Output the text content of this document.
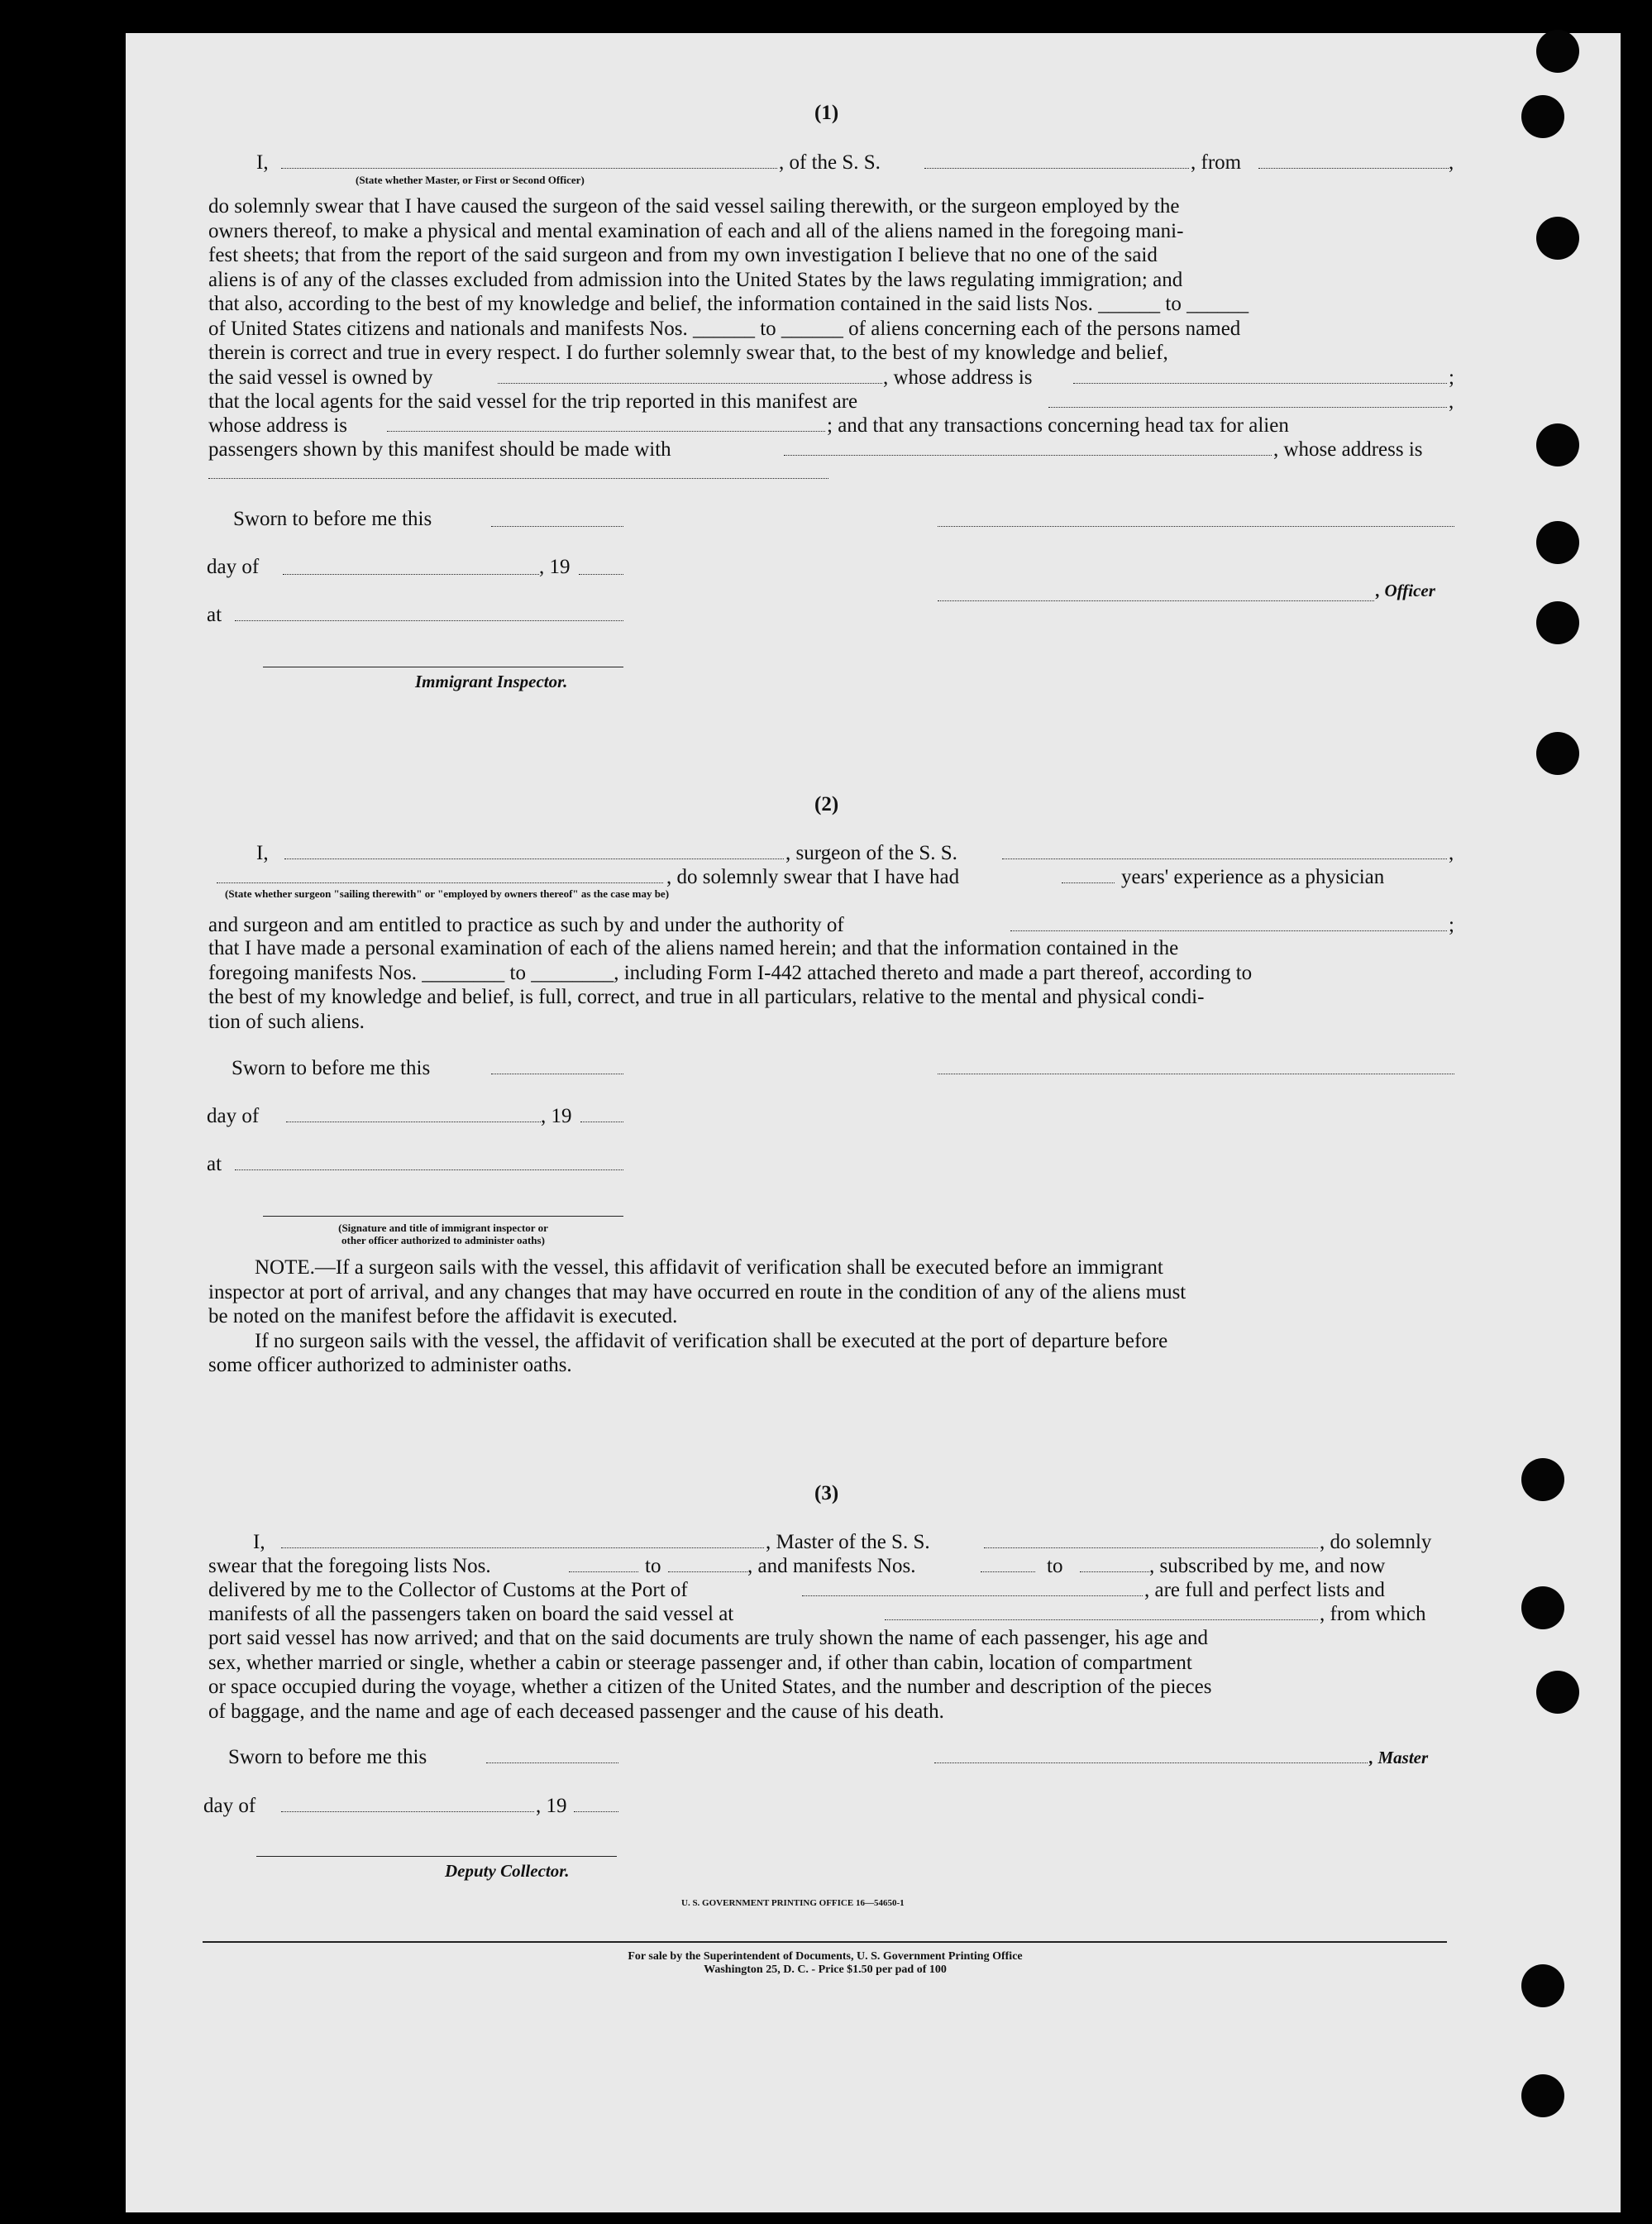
(1)
I,	, of the S. S.	, from	,
(State whether Master, or First or Second Officer)
do solemnly swear that I have caused the surgeon of the said vessel sailing therewith, or the surgeon employed by the
owners thereof, to make a physical and mental examination of each and all of the aliens named in the foregoing mani-
fest sheets; that from the report of the said surgeon and from my own investigation I believe that no one of the said
aliens is of any of the classes excluded from admission into the United States by the laws regulating immigration; and
that also, according to the best of my knowledge and belief, the information contained in the said lists Nos. ______ to ______
of United States citizens and nationals and manifests Nos. ______ to ______ of aliens concerning each of the persons named
therein is correct and true in every respect. I do further solemnly swear that, to the best of my knowledge and belief,
the said vessel is owned by	, whose address is	;
that the local agents for the said vessel for the trip reported in this manifest are	,
whose address is	; and that any transactions concerning head tax for alien
passengers shown by this manifest should be made with	, whose address is
Sworn to before me this
day of	, 19
, Officer
at
Immigrant Inspector.
(2)
I,	, surgeon of the S. S.	,
, do solemnly swear that I have had	years' experience as a physician
(State whether surgeon "sailing therewith" or "employed by owners thereof" as the case may be)
and surgeon and am entitled to practice as such by and under the authority of	;
that I have made a personal examination of each of the aliens named herein; and that the information contained in the
foregoing manifests Nos. ________ to ________, including Form I-442 attached thereto and made a part thereof, according to
the best of my knowledge and belief, is full, correct, and true in all particulars, relative to the mental and physical condi-
tion of such aliens.
Sworn to before me this
day of	, 19
at
(Signature and title of immigrant inspector or
other officer authorized to administer oaths)
NOTE.—If a surgeon sails with the vessel, this affidavit of verification shall be executed before an immigrant
inspector at port of arrival, and any changes that may have occurred en route in the condition of any of the aliens must
be noted on the manifest before the affidavit is executed.
If no surgeon sails with the vessel, the affidavit of verification shall be executed at the port of departure before
some officer authorized to administer oaths.
(3)
I,	, Master of the S. S.	, do solemnly
swear that the foregoing lists Nos.	to	, and manifests Nos.	to	, subscribed by me, and now
delivered by me to the Collector of Customs at the Port of	, are full and perfect lists and
manifests of all the passengers taken on board the said vessel at	, from which
port said vessel has now arrived; and that on the said documents are truly shown the name of each passenger, his age and
sex, whether married or single, whether a cabin or steerage passenger and, if other than cabin, location of compartment
or space occupied during the voyage, whether a citizen of the United States, and the number and description of the pieces
of baggage, and the name and age of each deceased passenger and the cause of his death.
Sworn to before me this	, Master
day of	, 19
Deputy Collector.
U. S. GOVERNMENT PRINTING OFFICE 16—54650-1
For sale by the Superintendent of Documents, U. S. Government Printing Office
Washington 25, D. C. - Price $1.50 per pad of 100
